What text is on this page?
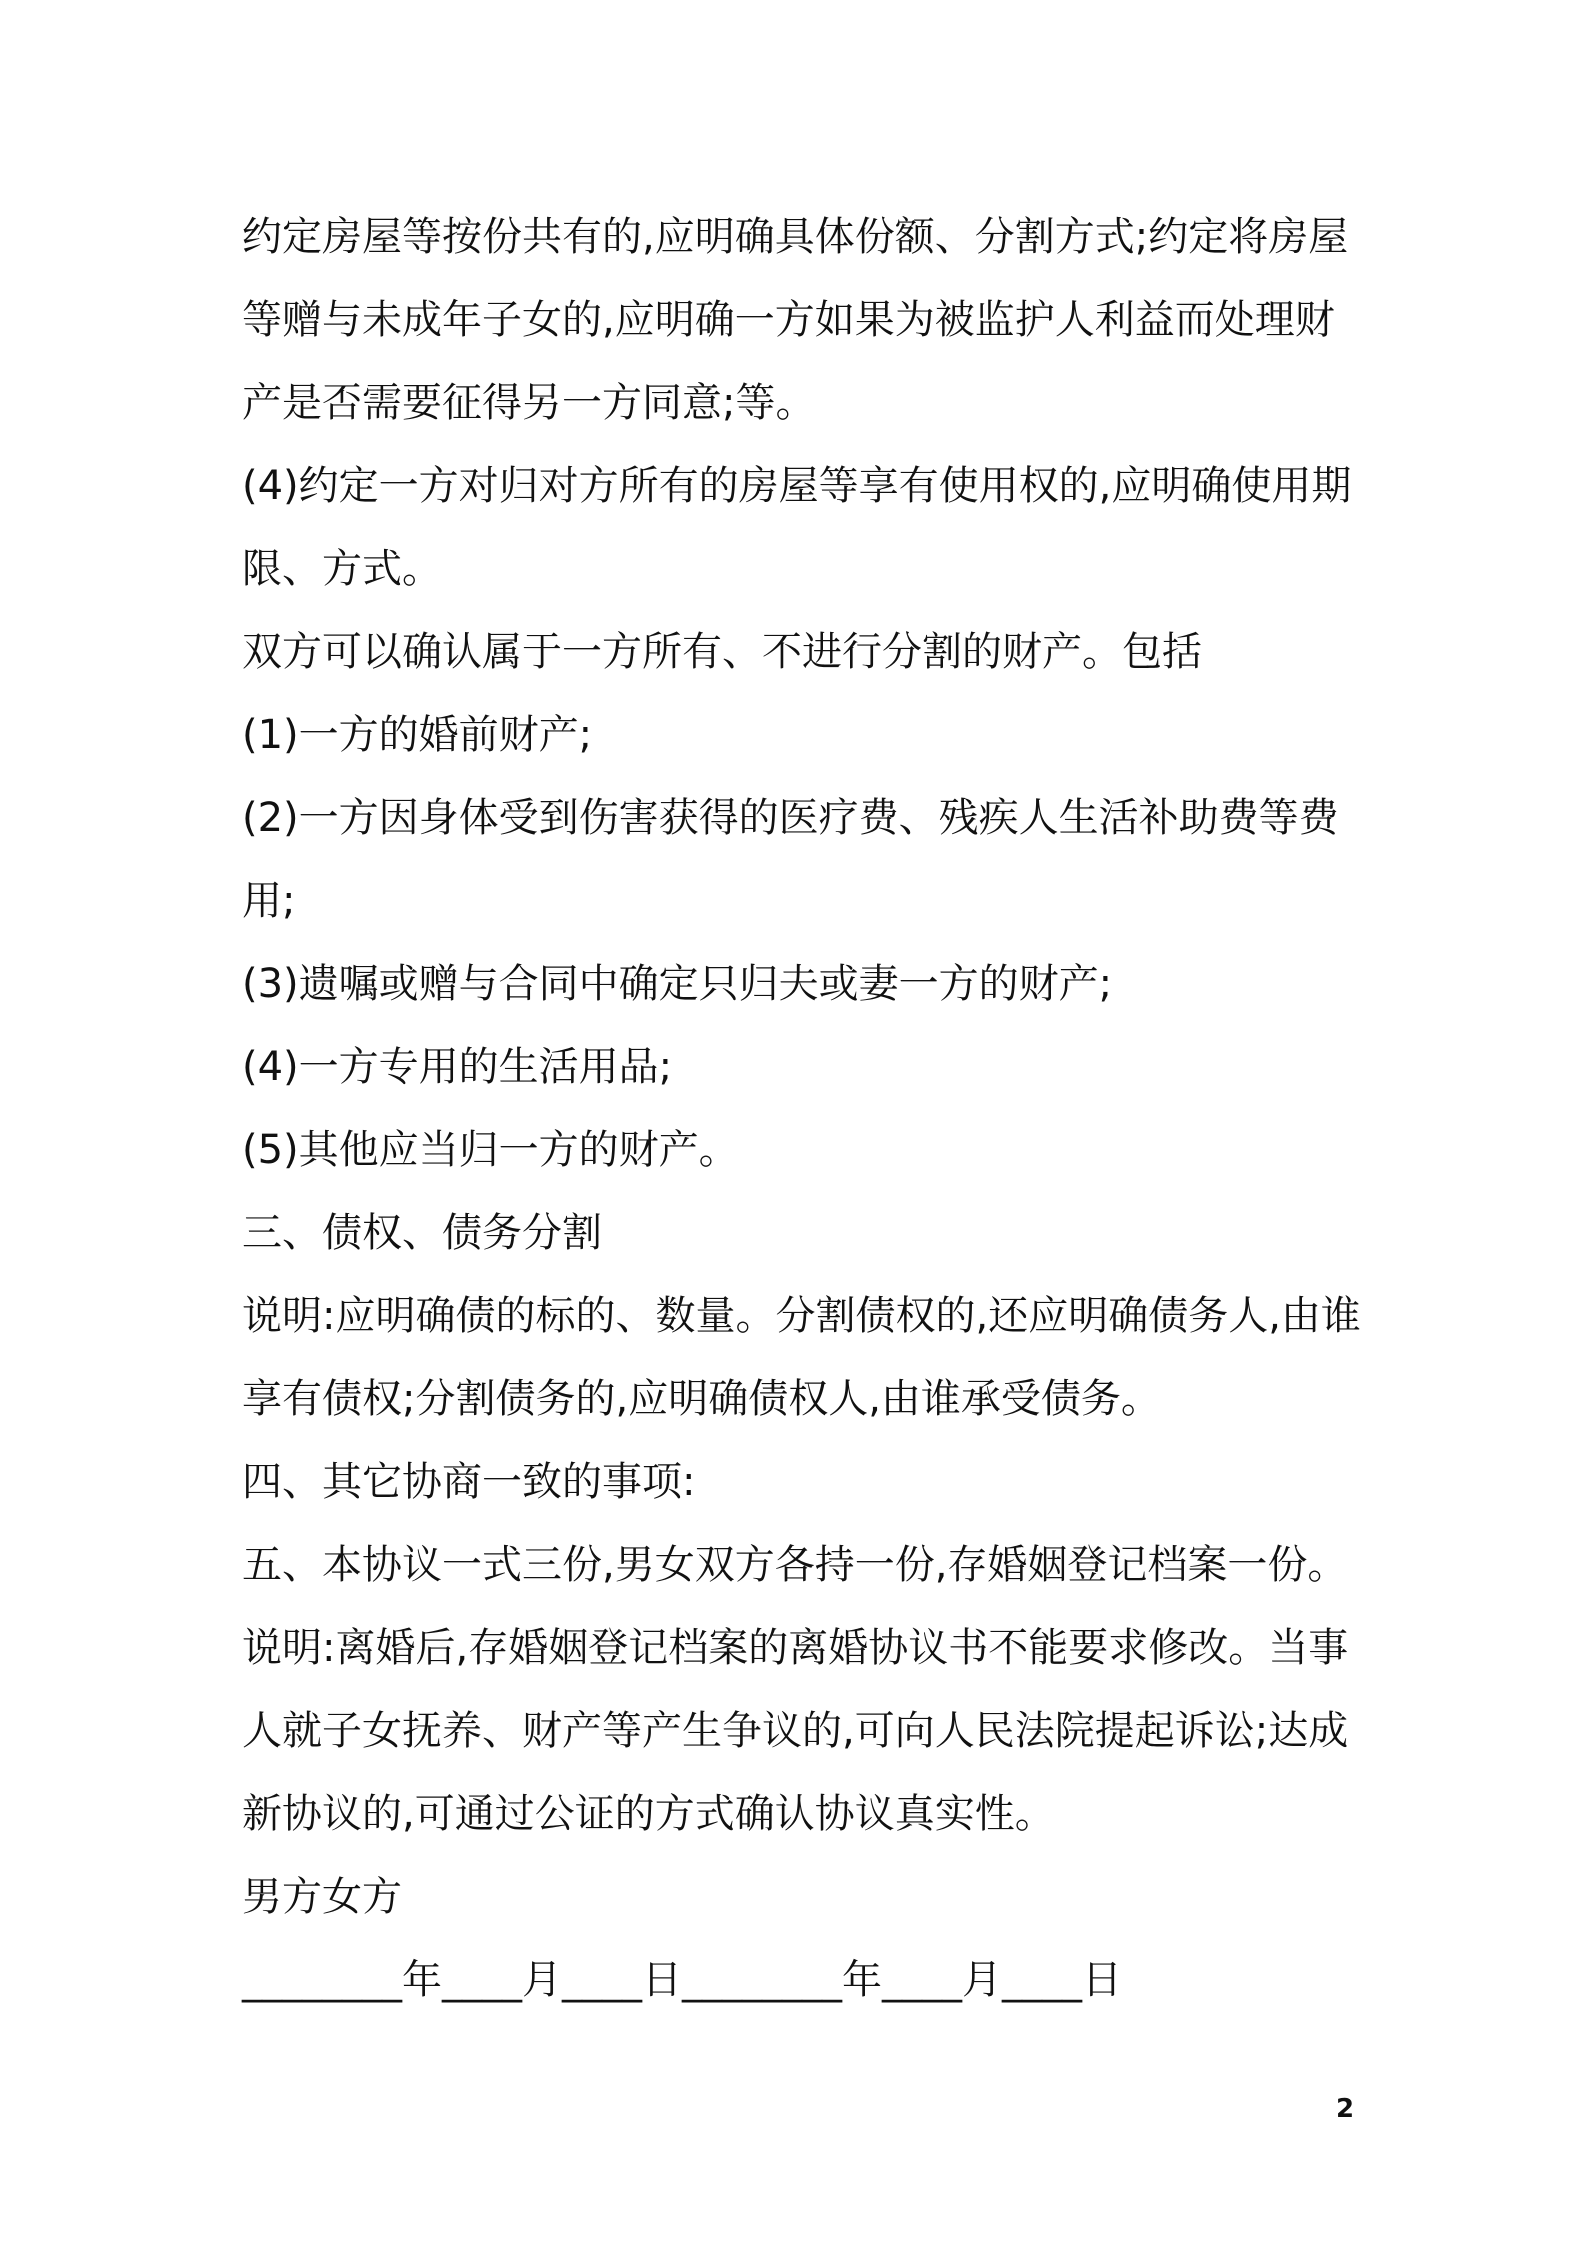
约定房屋等按份共有的,应明确具体份额、分割方式;约定将房屋等赠与未成年子女的,应明确一方如果为被监护人利益而处理财产是否需要征得另一方同意;等。

(4)约定一方对归对方所有的房屋等享有使用权的,应明确使用期限、方式。

双方可以确认属于一方所有、不进行分割的财产。包括

(1)一方的婚前财产;

(2)一方因身体受到伤害获得的医疗费、残疾人生活补助费等费用;

(3)遗嘱或赠与合同中确定只归夫或妻一方的财产;

(4)一方专用的生活用品;

(5)其他应当归一方的财产。

三、债权、债务分割

说明:应明确债的标的、数量。分割债权的,还应明确债务人,由谁享有债权;分割债务的,应明确债权人,由谁承受债务。

四、其它协商一致的事项:

五、本协议一式三份,男女双方各持一份,存婚姻登记档案一份。

说明:离婚后,存婚姻登记档案的离婚协议书不能要求修改。当事人就子女抚养、财产等产生争议的,可向人民法院提起诉讼;达成新协议的,可通过公证的方式确认协议真实性。

男方女方

________年____月____日________年____月____日

2
